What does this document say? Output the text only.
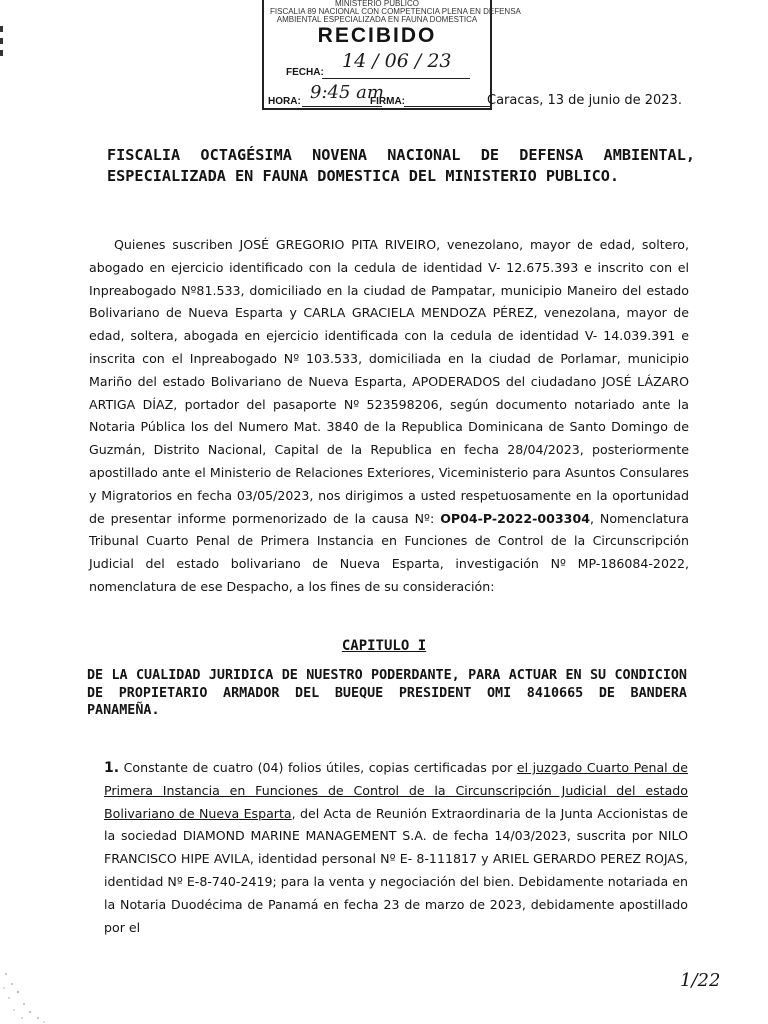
MINISTERIO PUBLICO
FISCALIA 89 NACIONAL CON COMPETENCIA PLENA EN DEFENSA
AMBIENTAL ESPECIALIZADA EN FAUNA DOMESTICA
RECIBIDO
FECHA:
14 / 06 / 23
HORA: 9:45 am
FIRMA:	Caracas, 13 de junio de 2023.
FISCALIA OCTAGÉSIMA NOVENA NACIONAL DE DEFENSA AMBIENTAL, ESPECIALIZADA EN FAUNA DOMESTICA DEL MINISTERIO PUBLICO.
Quienes suscriben JOSÉ GREGORIO PITA RIVEIRO, venezolano, mayor de edad, soltero, abogado en ejercicio identificado con la cedula de identidad V- 12.675.393 e inscrito con el Inpreabogado Nº81.533, domiciliado en la ciudad de Pampatar, municipio Maneiro del estado Bolivariano de Nueva Esparta y CARLA GRACIELA MENDOZA PÉREZ, venezolana, mayor de edad, soltera, abogada en ejercicio identificada con la cedula de identidad V- 14.039.391 e inscrita con el Inpreabogado Nº 103.533, domiciliada en la ciudad de Porlamar, municipio Mariño del estado Bolivariano de Nueva Esparta, APODERADOS del ciudadano JOSÉ LÁZARO ARTIGA DÍAZ, portador del pasaporte Nº 523598206, según documento notariado ante la Notaria Pública los del Numero Mat. 3840 de la Republica Dominicana de Santo Domingo de Guzmán, Distrito Nacional, Capital de la Republica en fecha 28/04/2023, posteriormente apostillado ante el Ministerio de Relaciones Exteriores, Viceministerio para Asuntos Consulares y Migratorios en fecha 03/05/2023, nos dirigimos a usted respetuosamente en la oportunidad de presentar informe pormenorizado de la causa Nº: OP04-P-2022-003304, Nomenclatura Tribunal Cuarto Penal de Primera Instancia en Funciones de Control de la Circunscripción Judicial del estado bolivariano de Nueva Esparta, investigación Nº MP-186084-2022, nomenclatura de ese Despacho, a los fines de su consideración:
CAPITULO I
DE LA CUALIDAD JURIDICA DE NUESTRO PODERDANTE, PARA ACTUAR EN SU CONDICION DE PROPIETARIO ARMADOR DEL BUEQUE PRESIDENT OMI 8410665 DE BANDERA PANAMEÑA.
1. Constante de cuatro (04) folios útiles, copias certificadas por el juzgado Cuarto Penal de Primera Instancia en Funciones de Control de la Circunscripción Judicial del estado Bolivariano de Nueva Esparta, del Acta de Reunión Extraordinaria de la Junta Accionistas de la sociedad DIAMOND MARINE MANAGEMENT S.A. de fecha 14/03/2023, suscrita por NILO FRANCISCO HIPE AVILA, identidad personal Nº E- 8-111817 y ARIEL GERARDO PEREZ ROJAS, identidad Nº E-8-740-2419; para la venta y negociación del bien. Debidamente notariada en la Notaria Duodécima de Panamá en fecha 23 de marzo de 2023, debidamente apostillado por el
1/22
